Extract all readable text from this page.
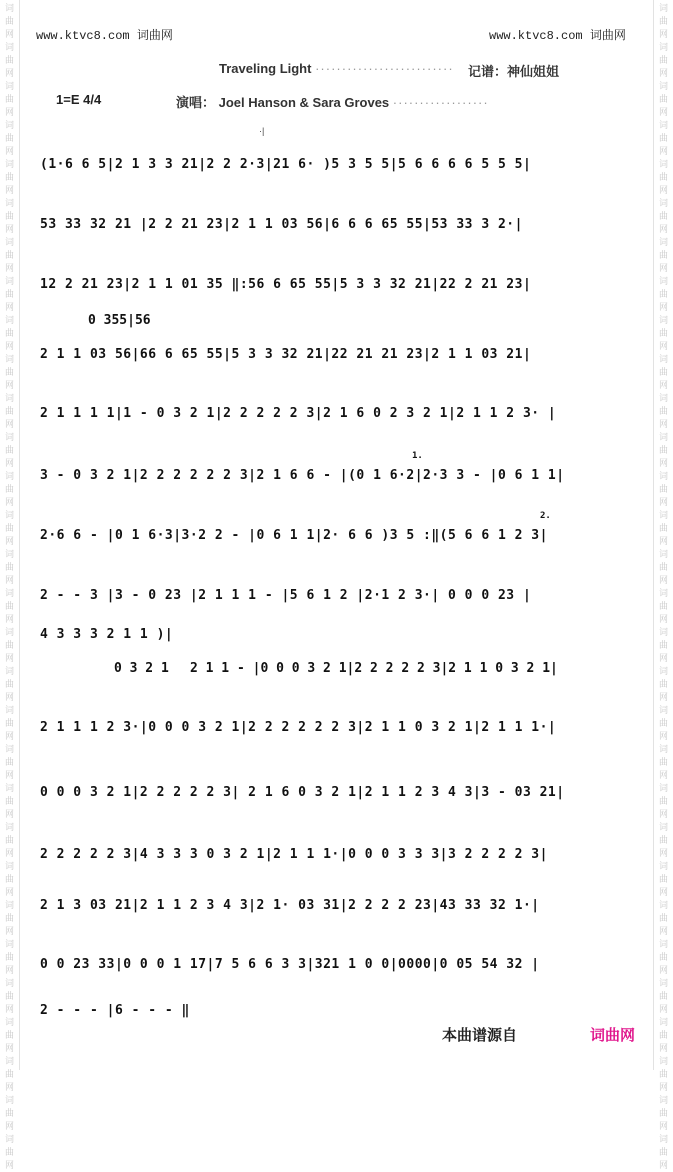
词
曲
网
词
曲
网
词
曲
网
词
曲
网
词
曲
网
词
曲
网
词
曲
网
词
曲
网
词
曲
网
词
曲
网
词
曲
网
词
曲
网
词
曲
网
词
曲
网
词
曲
网
词
曲
网
词
曲
网
词
曲
网
词
曲
网
词
曲
网
词
曲
网
词
曲
网
词
曲
网
词
曲
网
词
曲
网
词
曲
网
词
曲
网
词
曲
网
词
曲
网
词
曲
网
词
曲
网
词
曲
网
词
曲
网
词
曲
网
词
曲
网
词
曲
网
词
曲
网
词
曲
网
词
曲
网
词
曲
网
词
曲
网
词
曲
网
词
曲
网
词
曲
网
词
曲
网
词
曲
网
词
曲
网
词
曲
网
词
曲
网
词
曲
网
词
曲
网
词
曲
网
词
曲
网
词
曲
网
词
曲
网
词
曲
网
词
曲
网
词
曲
网
词
曲
网
词
曲
网
www.ktvc8.com 词曲网	www.ktvc8.com 词曲网
Traveling Light ·························· 记谱：神仙姐姐
1=E 4/4	演唱： Joel Hanson & Sara Groves ··················
·|
(1·6 6 5|2 1 3 3 21|2 2 2·3|21 6· )5 3 5 5|5 6 6 6 6 5 5 5|
53 33 32 21 |2 2 21 23|2 1 1 03 56|6 6 6 65 55|53 33 3 2·|
12 2 21 23|2 1 1 01 35 ‖:56 6 65 55|5 3 3 32 21|22 2 21 23|
0 355|56
2 1 1 03 56|66 6 65 55|5 3 3 32 21|22 21 21 23|2 1 1 03 21|
2 1 1 1 1|1 - 0 3 2 1|2 2 2 2 2 3|2 1 6 0 2 3 2 1|2 1 1 2 3· |
3 - 0 3 2 1|2 2 2 2 2 2 3|2 1 6 6 - |(0 1 6·2|2·3 3 - |0 6 1 1|
1.
2·6 6 - |0 1 6·3|3·2 2 - |0 6 1 1|2· 6 6 )3 5 :‖(5 6 6 1 2 3|
2.
2 - - 3 |3 - 0 23 |2 1 1 1 - |5 6 1 2 |2·1 2 3·| 0 0 0 23 |
4 3 3 3 2 1 1 )|
0 3 2 1 2 1 1 - |0 0 0 3 2 1|2 2 2 2 2 3|2 1 1 0 3 2 1|
2 1 1 1 2 3·|0 0 0 3 2 1|2 2 2 2 2 2 3|2 1 1 0 3 2 1|2 1 1 1·|
0 0 0 3 2 1|2 2 2 2 2 3| 2 1 6 0 3 2 1|2 1 1 2 3 4 3|3 - 03 21|
2 2 2 2 2 3|4 3 3 3 0 3 2 1|2 1 1 1·|0 0 0 3 3 3|3 2 2 2 2 3|
2 1 3 03 21|2 1 1 2 3 4 3|2 1· 03 31|2 2 2 2 23|43 33 32 1·|
0 0 23 33|0 0 0 1 17|7 5 6 6 3 3|321 1 0 0|0000|0 05 54 32 |
2 - - - |6 - - - ‖
本曲谱源自	词曲网
